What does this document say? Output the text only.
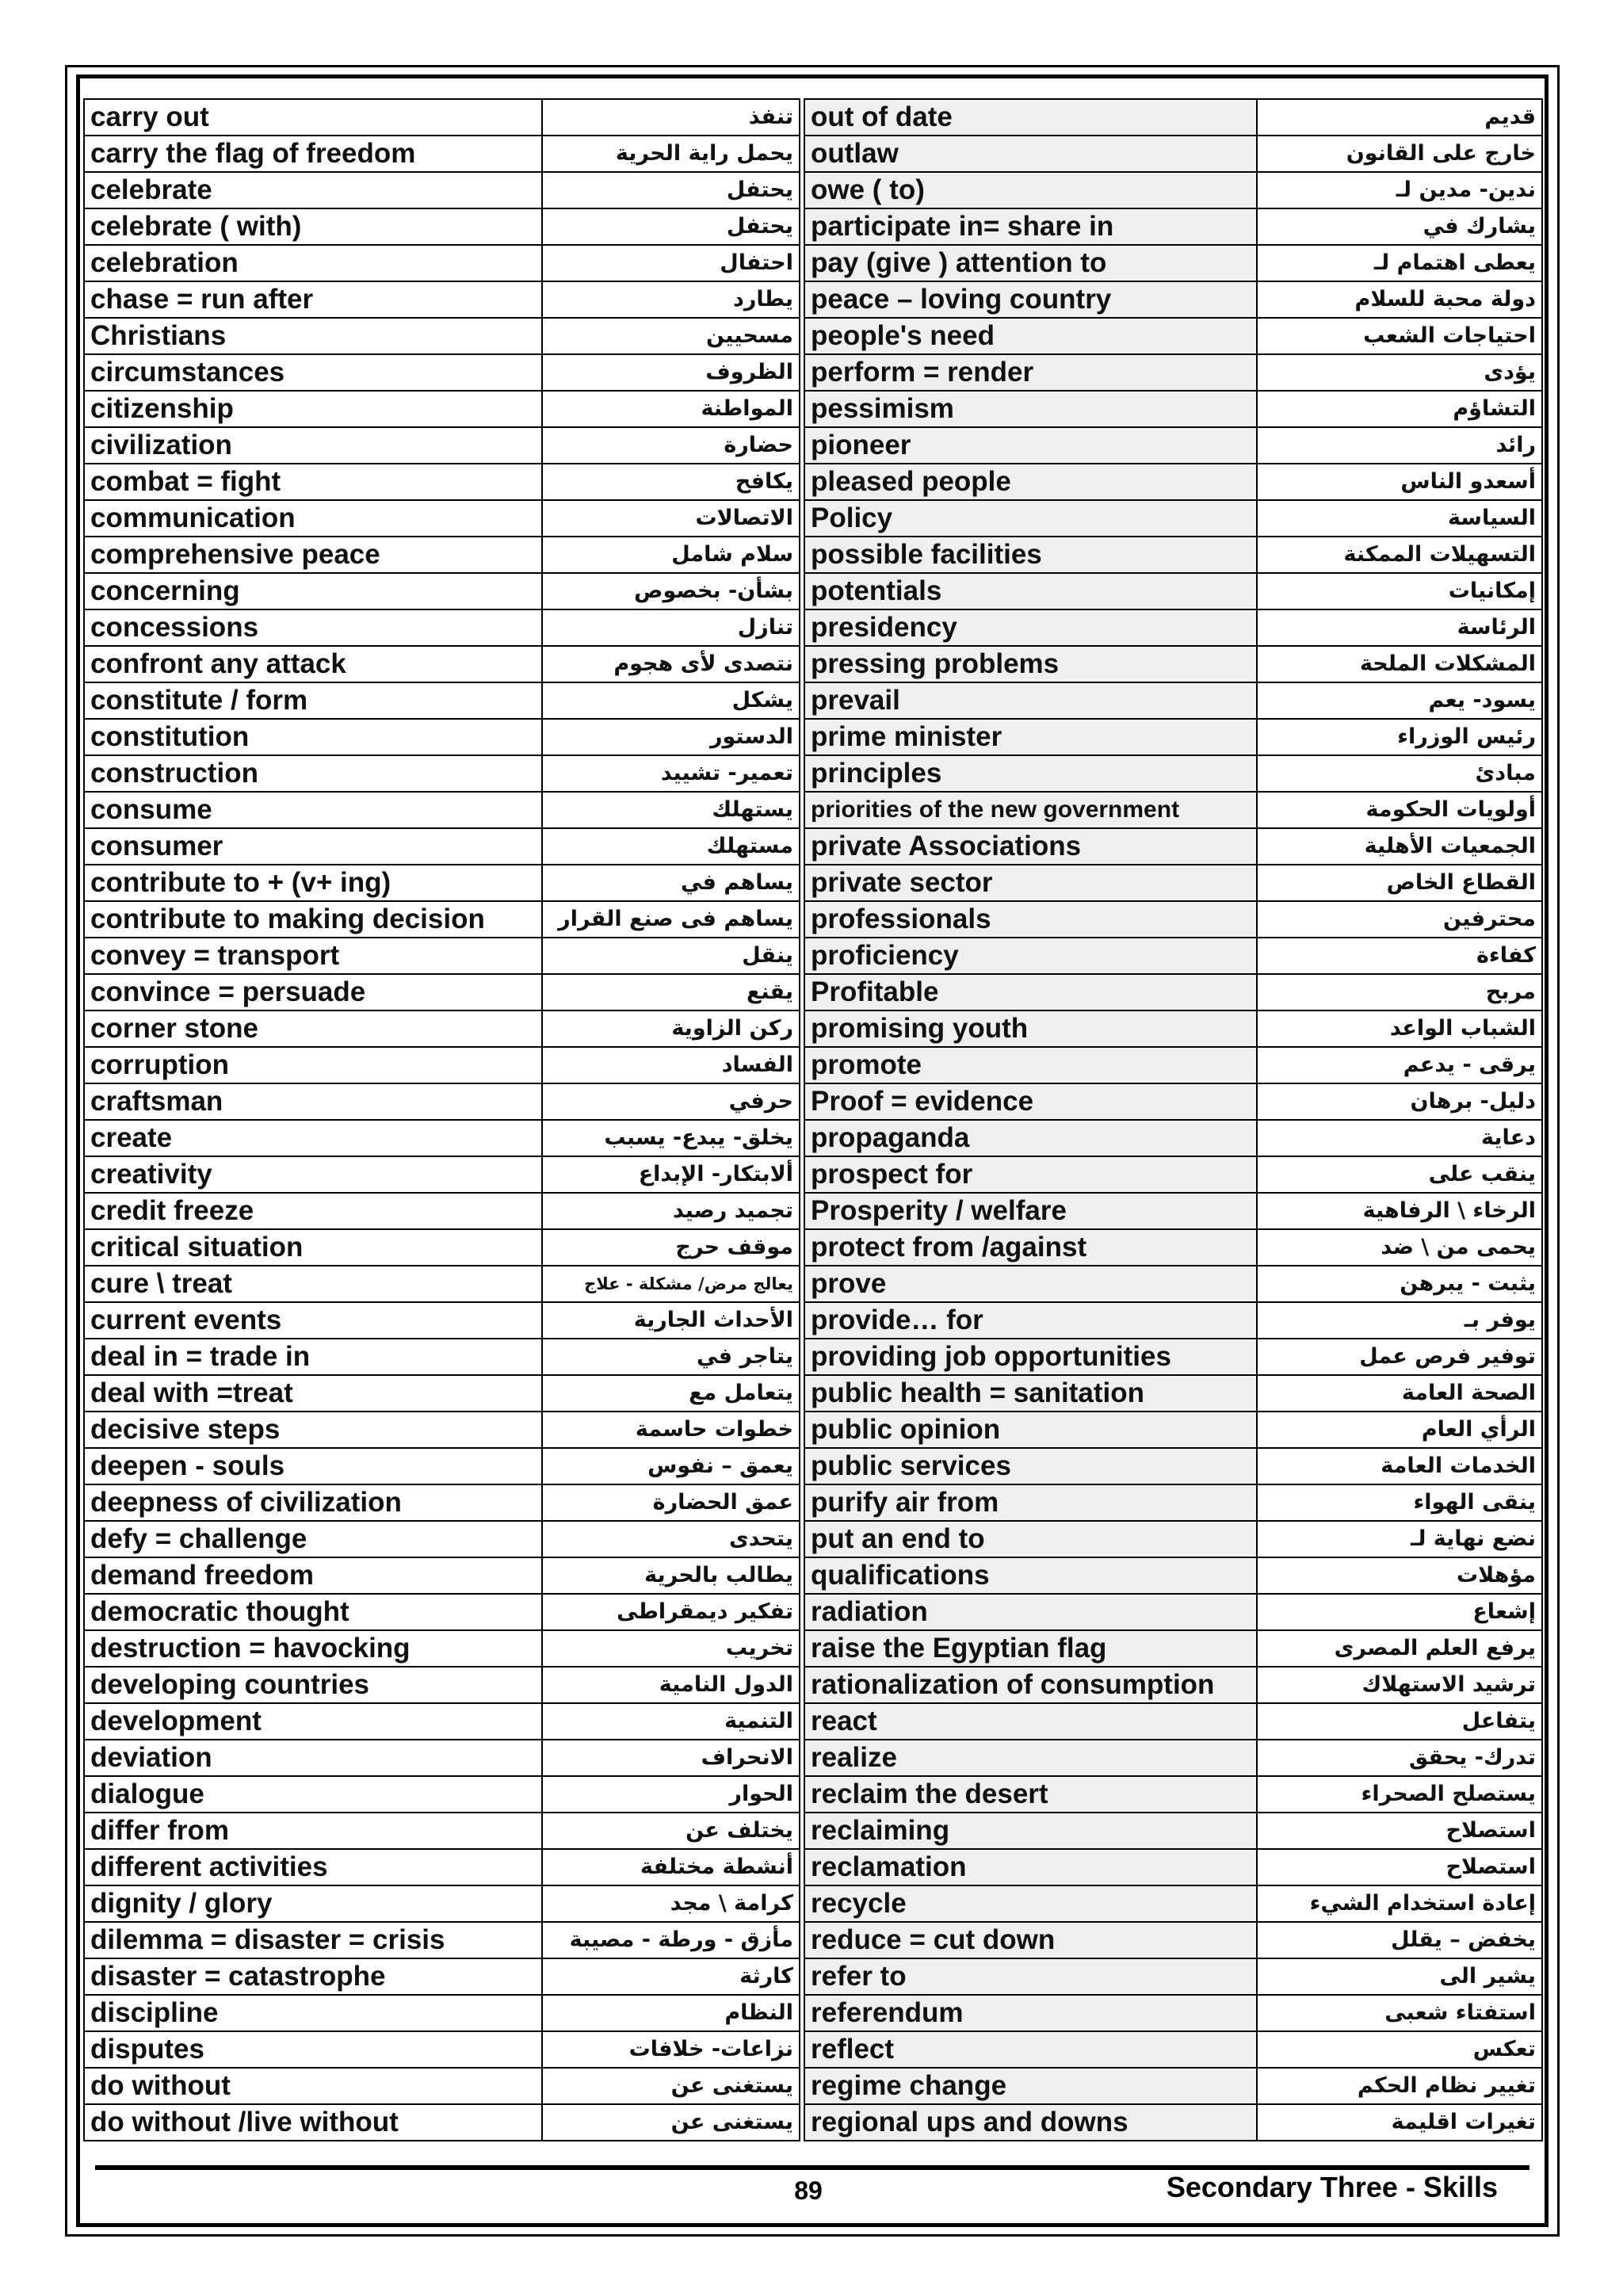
carry out	تنفذ		out of date	قديم
carry the flag of freedom	يحمل راية الحرية		outlaw	خارج على القانون
celebrate	يحتفل		owe ( to)	ندين- مدين لـ
celebrate ( with)	يحتفل		participate in= share in	يشارك في
celebration	احتفال		pay (give ) attention to	يعطى اهتمام لـ
chase = run after	يطارد		peace – loving country	دولة محبة للسلام
Christians	مسحيين		people's need	احتياجات الشعب
circumstances	الظروف		perform = render	يؤدى
citizenship	المواطنة		pessimism	التشاؤم
civilization	حضارة		pioneer	رائد
combat = fight	يكافح		pleased people	أسعدو الناس
communication	الاتصالات		Policy	السياسة
comprehensive peace	سلام شامل		possible facilities	التسهيلات الممكنة
concerning	بشأن- بخصوص		potentials	إمكانيات
concessions	تنازل		presidency	الرئاسة
confront any attack	نتصدى لأى هجوم		pressing problems	المشكلات الملحة
constitute / form	يشكل		prevail	يسود- يعم
constitution	الدستور		prime minister	رئيس الوزراء
construction	تعمير- تشييد		principles	مبادئ
consume	يستهلك		priorities of the new government	أولويات الحكومة
consumer	مستهلك		private Associations	الجمعيات الأهلية
contribute to + (v+ ing)	يساهم في		private sector	القطاع الخاص
contribute to making decision	يساهم فى صنع القرار		professionals	محترفين
convey = transport	ينقل		proficiency	كفاءة
convince = persuade	يقنع		Profitable	مربح
corner stone	ركن الزاوية		promising youth	الشباب الواعد
corruption	الفساد		promote	يرقى - يدعم
craftsman	حرفي		Proof = evidence	دليل- برهان
create	يخلق- يبدع- يسبب		propaganda	دعاية
creativity	ألابتكار- الإبداع		prospect for	ينقب على
credit freeze	تجميد رصيد		Prosperity / welfare	الرخاء \ الرفاهية
critical situation	موقف حرج		protect from /against	يحمى من \ ضد
cure \ treat	يعالج مرض/ مشكلة - علاج		prove	يثبت - يبرهن
current events	الأحداث الجارية		provide… for	يوفر بـ
deal in = trade in	يتاجر في		providing job opportunities	توفير فرص عمل
deal with =treat	يتعامل مع		public health = sanitation	الصحة العامة
decisive steps	خطوات حاسمة		public opinion	الرأي العام
deepen - souls	يعمق – نفوس		public services	الخدمات العامة
deepness of civilization	عمق الحضارة		purify air from	ينقى الهواء
defy = challenge	يتحدى		put an end to	نضع نهاية لـ
demand freedom	يطالب بالحرية		qualifications	مؤهلات
democratic thought	تفكير ديمقراطى		radiation	إشعاع
destruction = havocking	تخريب		raise the Egyptian flag	يرفع العلم المصرى
developing countries	الدول النامية		rationalization of consumption	ترشيد الاستهلاك
development	التنمية		react	يتفاعل
deviation	الانحراف		realize	تدرك- يحقق
dialogue	الحوار		reclaim the desert	يستصلح الصحراء
differ from	يختلف عن		reclaiming	استصلاح
different activities	أنشطة مختلفة		reclamation	استصلاح
dignity / glory	كرامة \ مجد		recycle	إعادة استخدام الشيء
dilemma = disaster = crisis	مأزق - ورطة - مصيبة		reduce = cut down	يخفض – يقلل
disaster = catastrophe	كارثة		refer to	يشير الى
discipline	النظام		referendum	استفتاء شعبى
disputes	نزاعات- خلافات		reflect	تعكس
do without	يستغنى عن		regime change	تغيير نظام الحكم
do without /live without	يستغنى عن		regional ups and downs	تغيرات اقليمة
89	Secondary Three - Skills
